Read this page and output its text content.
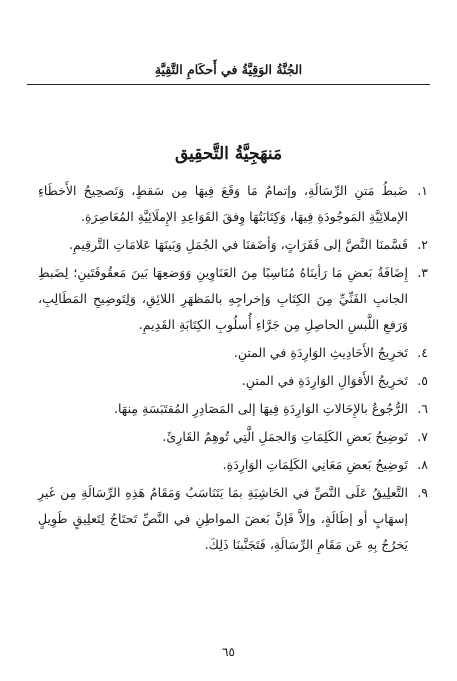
الجُنَّةُ الوَقِيَّةُ في أَحكَامِ التَّقِيَّةِ
مَنهَجِيَّةُ التَّحقِيق
١.
ضَبطُ مَتنِ الرِّسَالَةِ، وإتمامُ مَا وَقَعَ فِيهَا مِن سَقطٍ، وَتَصحِيحُ الأَخطَاءِ الإملائِيَّةِ المَوجُودَةِ فِيهَا، وَكِتَابَتُهَا وِفقَ القَوَاعِدِ الإِملَائِيَّةِ المُعَاصِرَةِ.
٢.
قَسَّمنَا النَّصَّ إلى فَقَرَاتٍ، وَأضَفنَا في الجُمَلِ وَبَينَهَا عَلامَاتِ التَّرقِيمِ.
٣.
إِضَافَةُ بَعضِ مَا رَأينَاهُ مُنَاسِبًا مِنَ العَنَاوِينِ وَوَضعِهَا بَينَ مَعقُوفَتَينِ؛ لِضَبطِ الجانبِ الفَنِّيِّ مِنَ الكِتَابِ وَإخراجِهِ بالمَظهَرِ اللائِقِ، وَلِتَوضِيحِ المَطَالِبِ، وَرَفعِ اللَّبسِ الحاصِلِ مِن جَرَّاءِ أُسلُوبِ الكِتَابَةِ القَدِيمِ.
٤.
تَخرِيجُ الأَحَادِيثِ الوَارِدَةِ في المتنِ.
٥.
تَخرِيجُ الأَقوَالِ الوَارِدَةِ في المتنِ.
٦.
الرُّجُوعُ بالإِحَالاتِ الوَارِدَةِ فِيهَا إلى المَصَادِرِ المُقتَبَسَةِ مِنهَا.
٧.
تَوضِيحُ بَعضِ الكَلِمَاتِ وَالجمَلِ الَّتِي تُوهِمُ القَارِئَ.
٨.
تَوضِيحُ بَعضِ مَعَانِي الكَلِمَاتِ الوَارِدَةِ.
٩.
التَّعلِيقُ عَلَى النَّصِّ في الحَاشِيَةِ بمَا يَتَنَاسَبُ وَمَقَامُ هَذِهِ الرِّسَالَةِ مِن غَيرِ إسهَابٍ أو إطَالَةٍ، وإلاَّ فَإنَّ بَعضَ المواطِنِ في النَّصِّ تَحتَاجُ لِتَعلِيقٍ طَوِيلٍ يَخرُجُ بِهِ عَن مَقَامِ الرِّسَالَةِ، فَتَجَنَّبنَا ذَلِكَ.
٦٥
